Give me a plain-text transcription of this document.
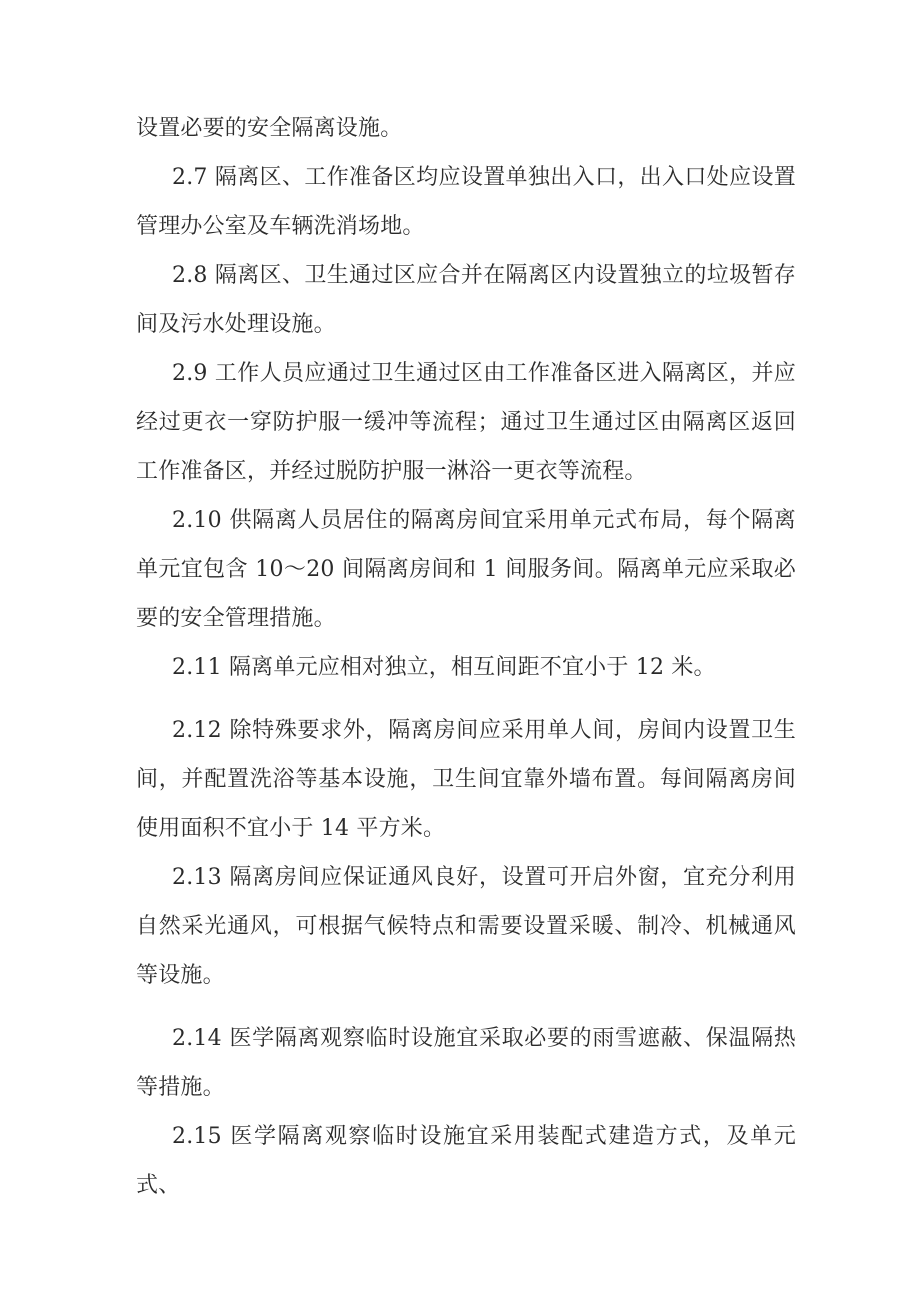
设置必要的安全隔离设施。

2.7 隔离区、工作准备区均应设置单独出入口，出入口处应设置管理办公室及车辆洗消场地。

2.8 隔离区、卫生通过区应合并在隔离区内设置独立的垃圾暂存间及污水处理设施。

2.9 工作人员应通过卫生通过区由工作准备区进入隔离区，并应经过更衣一穿防护服一缓冲等流程；通过卫生通过区由隔离区返回工作准备区，并经过脱防护服一淋浴一更衣等流程。

2.10 供隔离人员居住的隔离房间宜采用单元式布局，每个隔离单元宜包含 10～20 间隔离房间和 1 间服务间。隔离单元应采取必要的安全管理措施。

2.11 隔离单元应相对独立，相互间距不宜小于 12 米。

2.12 除特殊要求外，隔离房间应采用单人间，房间内设置卫生间，并配置洗浴等基本设施，卫生间宜靠外墙布置。每间隔离房间使用面积不宜小于 14 平方米。

2.13 隔离房间应保证通风良好，设置可开启外窗，宜充分利用自然采光通风，可根据气候特点和需要设置采暖、制冷、机械通风等设施。

2.14 医学隔离观察临时设施宜采取必要的雨雪遮蔽、保温隔热等措施。

2.15 医学隔离观察临时设施宜采用装配式建造方式，及单元式、
